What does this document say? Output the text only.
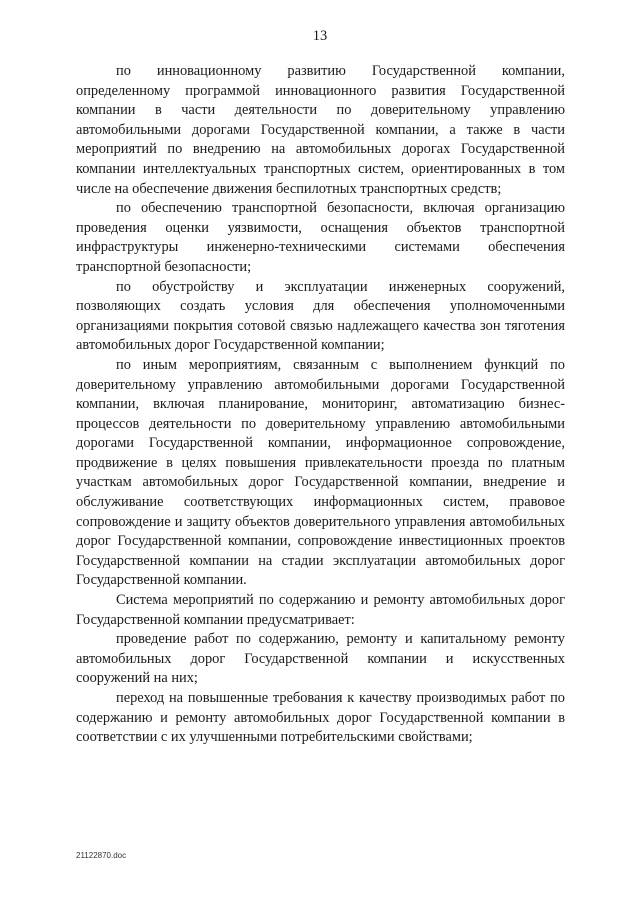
13

по инновационному развитию Государственной компании, определенному программой инновационного развития Государственной компании в части деятельности по доверительному управлению автомобильными дорогами Государственной компании, а также в части мероприятий по внедрению на автомобильных дорогах Государственной компании интеллектуальных транспортных систем, ориентированных в том числе на обеспечение движения беспилотных транспортных средств;

по обеспечению транспортной безопасности, включая организацию проведения оценки уязвимости, оснащения объектов транспортной инфраструктуры инженерно-техническими системами обеспечения транспортной безопасности;

по обустройству и эксплуатации инженерных сооружений, позволяющих создать условия для обеспечения уполномоченными организациями покрытия сотовой связью надлежащего качества зон тяготения автомобильных дорог Государственной компании;

по иным мероприятиям, связанным с выполнением функций по доверительному управлению автомобильными дорогами Государственной компании, включая планирование, мониторинг, автоматизацию бизнес-процессов деятельности по доверительному управлению автомобильными дорогами Государственной компании, информационное сопровождение, продвижение в целях повышения привлекательности проезда по платным участкам автомобильных дорог Государственной компании, внедрение и обслуживание соответствующих информационных систем, правовое сопровождение и защиту объектов доверительного управления автомобильных дорог Государственной компании, сопровождение инвестиционных проектов Государственной компании на стадии эксплуатации автомобильных дорог Государственной компании.

Система мероприятий по содержанию и ремонту автомобильных дорог Государственной компании предусматривает:

проведение работ по содержанию, ремонту и капитальному ремонту автомобильных дорог Государственной компании и искусственных сооружений на них;

переход на повышенные требования к качеству производимых работ по содержанию и ремонту автомобильных дорог Государственной компании в соответствии с их улучшенными потребительскими свойствами;

21122870.doc
